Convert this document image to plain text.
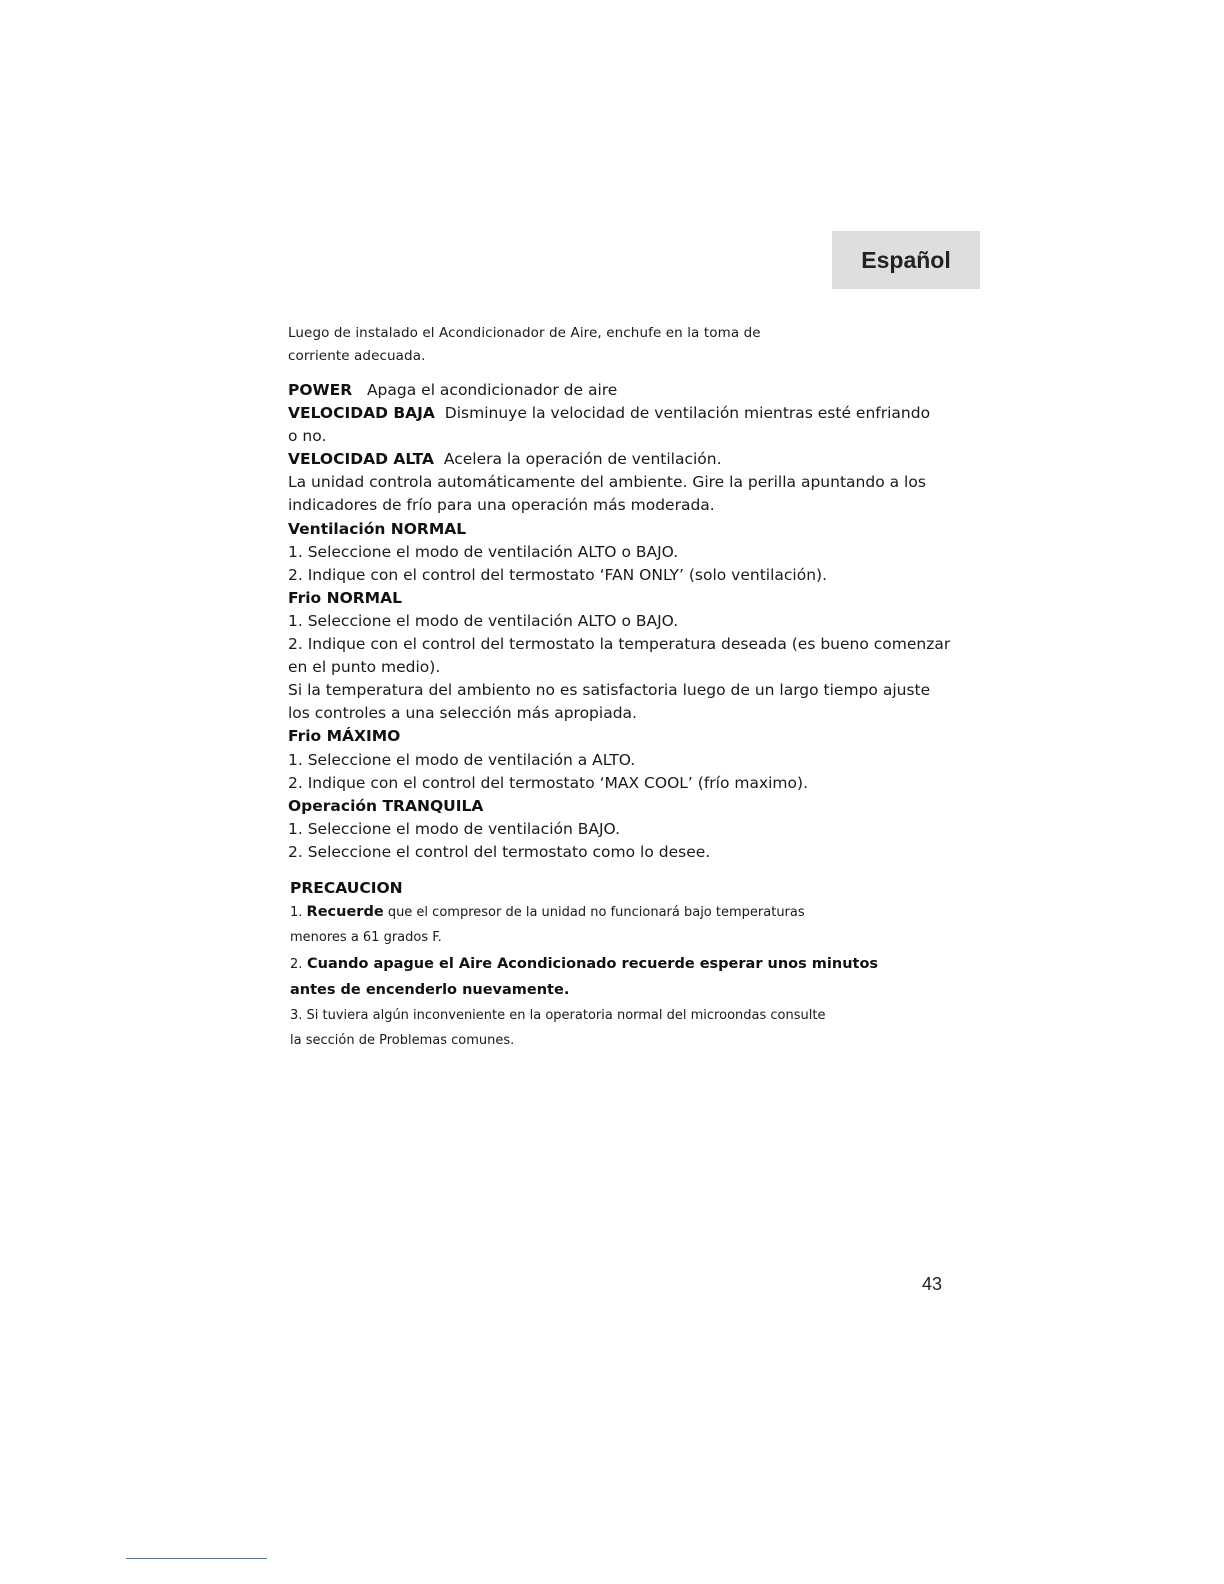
Español
Luego de instalado el Acondicionador de Aire, enchufe en la toma de
corriente adecuada.
POWER Apaga el acondicionador de aire
VELOCIDAD BAJA Disminuye la velocidad de ventilación mientras esté enfriando
o no.
VELOCIDAD ALTA Acelera la operación de ventilación.
La unidad controla automáticamente del ambiente. Gire la perilla apuntando a los
indicadores de frío para una operación más moderada.
Ventilación NORMAL
1. Seleccione el modo de ventilación ALTO o BAJO.
2. Indique con el control del termostato ‘FAN ONLY’ (solo ventilación).
Frio NORMAL
1. Seleccione el modo de ventilación ALTO o BAJO.
2. Indique con el control del termostato la temperatura deseada (es bueno comenzar
en el punto medio).
Si la temperatura del ambiento no es satisfactoria luego de un largo tiempo ajuste
los controles a una selección más apropiada.
Frio MÁXIMO
1. Seleccione el modo de ventilación a ALTO.
2. Indique con el control del termostato ‘MAX COOL’ (frío maximo).
Operación TRANQUILA
1. Seleccione el modo de ventilación BAJO.
2. Seleccione el control del termostato como lo desee.
PRECAUCION
1. Recuerde que el compresor de la unidad no funcionará bajo temperaturas
menores a 61 grados F.
2. Cuando apague el Aire Acondicionado recuerde esperar unos minutos
antes de encenderlo nuevamente.
3. Si tuviera algún inconveniente en la operatoria normal del microondas consulte
la sección de Problemas comunes.
43
